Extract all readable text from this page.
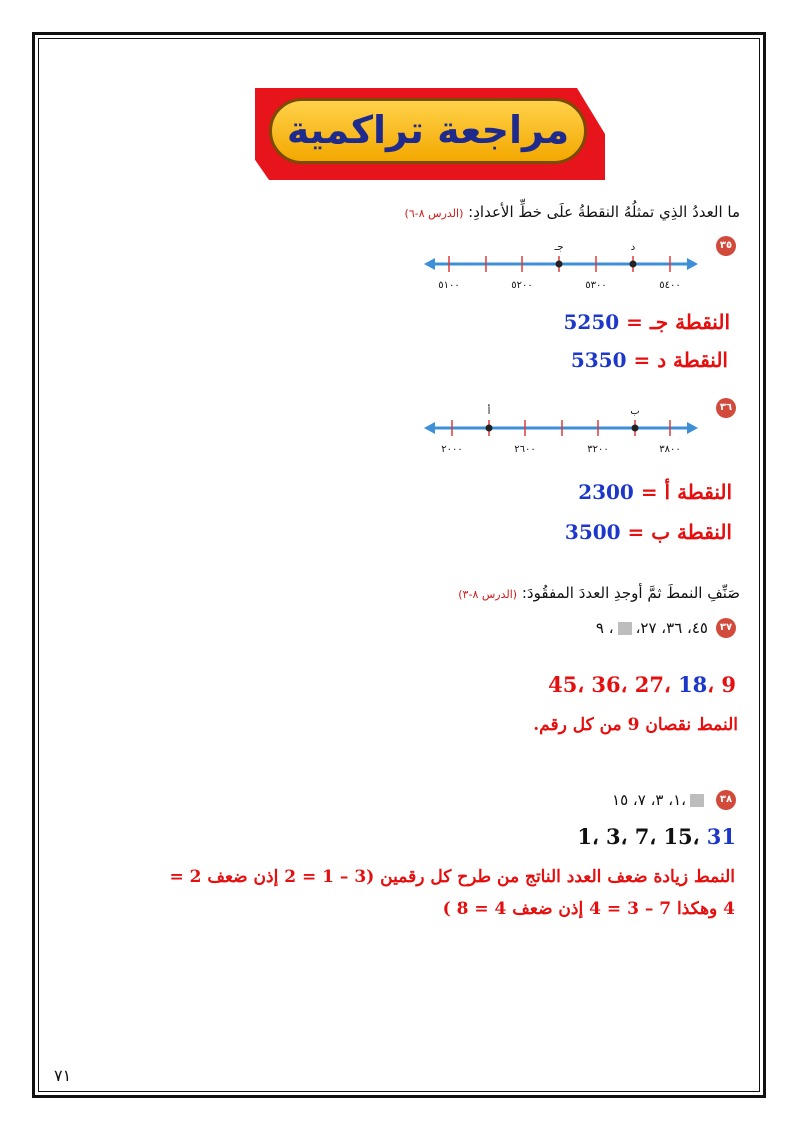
مراجعة تراكمية
ما العددُ الذِي تمثلُهُ النقطةُ علَى خطِّ الأعدادِ: (الدرس ٨-٦)
٣٥
جـ	د
٥١٠٠	٥٢٠٠	٥٣٠٠	٥٤٠٠
النقطة جـ = 5250
النقطة د = 5350
٣٦
أ	ب
٢٠٠٠	٢٦٠٠	٣٢٠٠	٣٨٠٠
النقطة أ = 2300
النقطة ب = 3500
صَنِّفِ النمطَ ثمَّ أوجدِ العددَ المفقُودَ: (الدرس ٨-٣)
٣٧
٤٥، ٣٦، ٢٧،، ٩
45، 36، 27، 18، 9
النمط نقصان 9 من كل رقم.
٣٨
١، ٣، ٧، ١٥،
1، 3، 7، 15، 31
النمط زيادة ضعف العدد الناتج من طرح كل رقمين (3 – 1 = 2 إذن ضعف 2 =
4 وهكذا 7 – 3 = 4 إذن ضعف 4 = 8 )
٧١
